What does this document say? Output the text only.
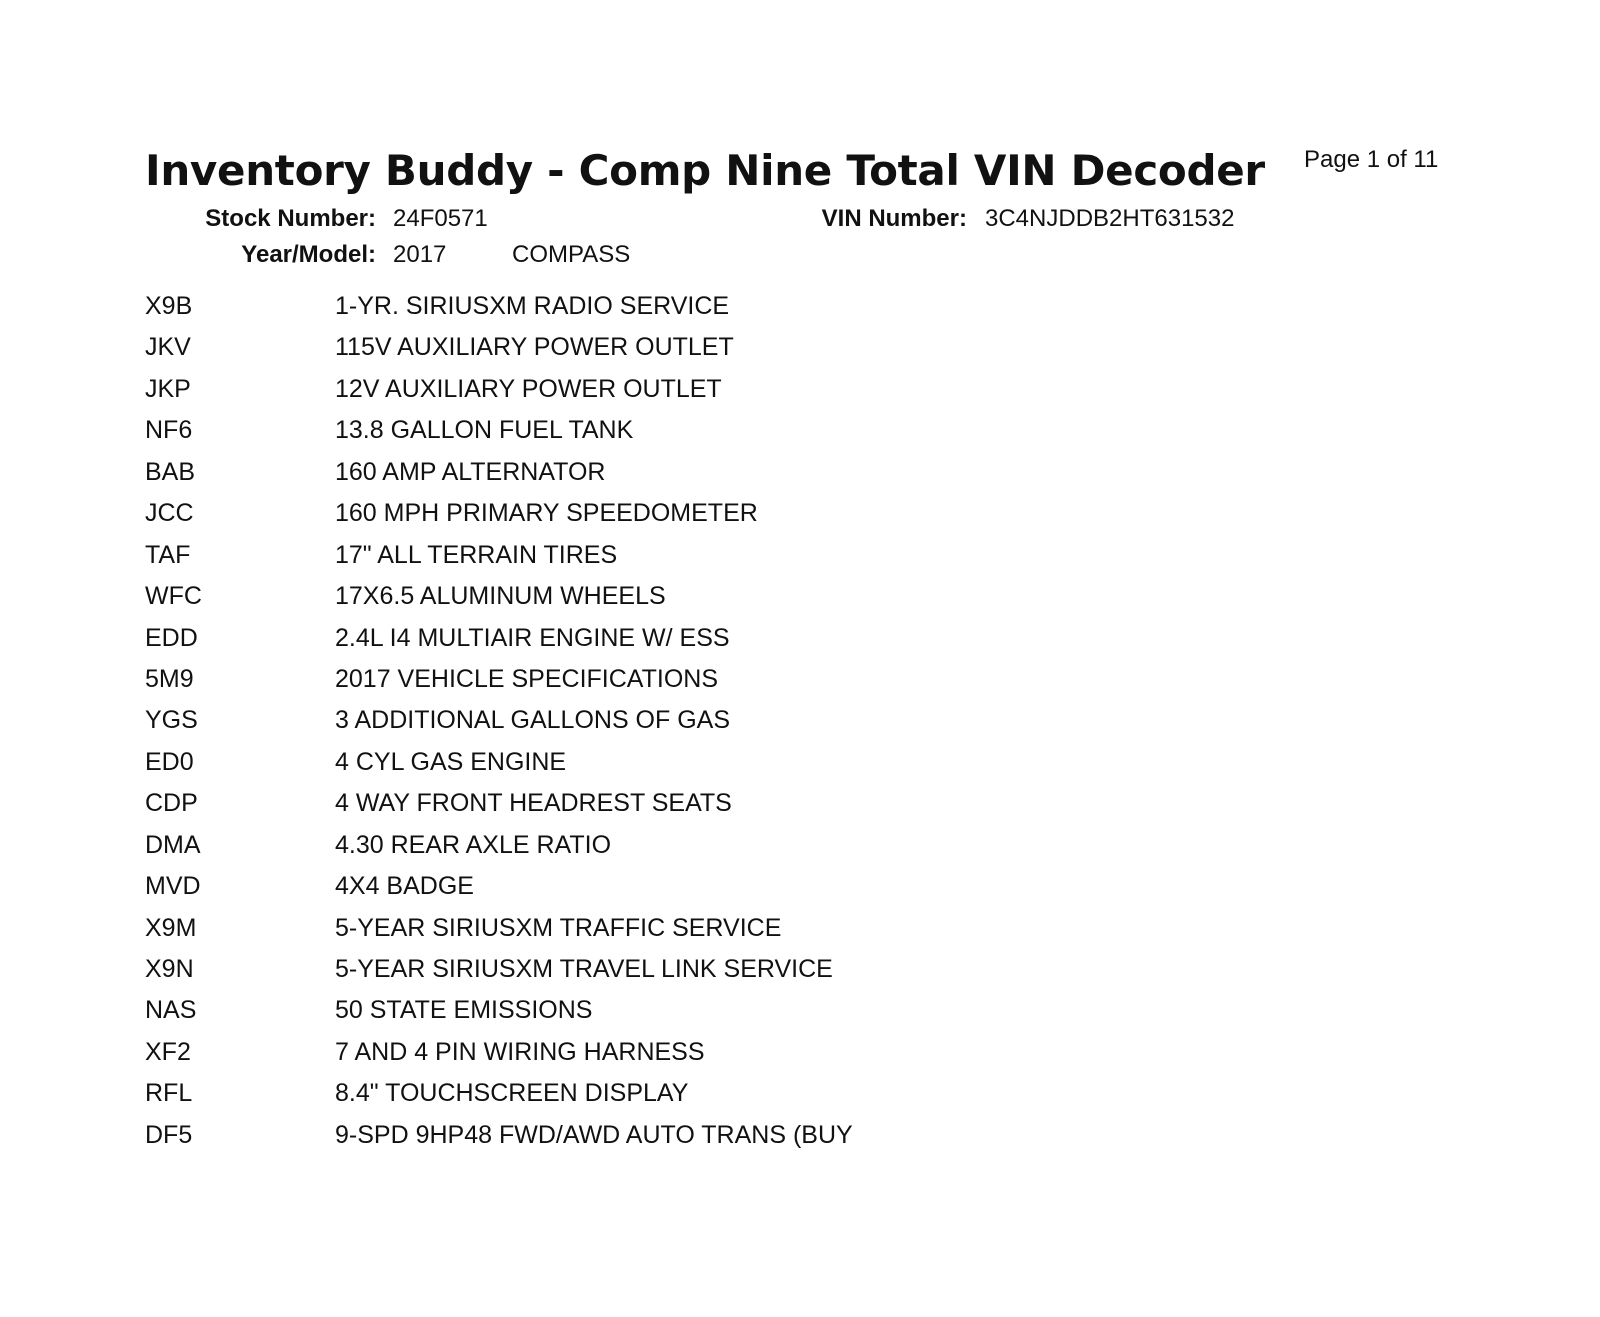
Inventory Buddy - Comp Nine Total VIN Decoder Page 1 of 11
Stock Number: 24F0571	VIN Number: 3C4NJDDB2HT631532
Year/Model: 2017	COMPASS
X9B	1-YR. SIRIUSXM RADIO SERVICE
JKV	115V AUXILIARY POWER OUTLET
JKP	12V AUXILIARY POWER OUTLET
NF6	13.8 GALLON FUEL TANK
BAB	160 AMP ALTERNATOR
JCC	160 MPH PRIMARY SPEEDOMETER
TAF	17" ALL TERRAIN TIRES
WFC	17X6.5 ALUMINUM WHEELS
EDD	2.4L I4 MULTIAIR ENGINE W/ ESS
5M9	2017 VEHICLE SPECIFICATIONS
YGS	3 ADDITIONAL GALLONS OF GAS
ED0	4 CYL GAS ENGINE
CDP	4 WAY FRONT HEADREST SEATS
DMA	4.30 REAR AXLE RATIO
MVD	4X4 BADGE
X9M	5-YEAR SIRIUSXM TRAFFIC SERVICE
X9N	5-YEAR SIRIUSXM TRAVEL LINK SERVICE
NAS	50 STATE EMISSIONS
XF2	7 AND 4 PIN WIRING HARNESS
RFL	8.4" TOUCHSCREEN DISPLAY
DF5	9-SPD 9HP48 FWD/AWD AUTO TRANS (BUY
